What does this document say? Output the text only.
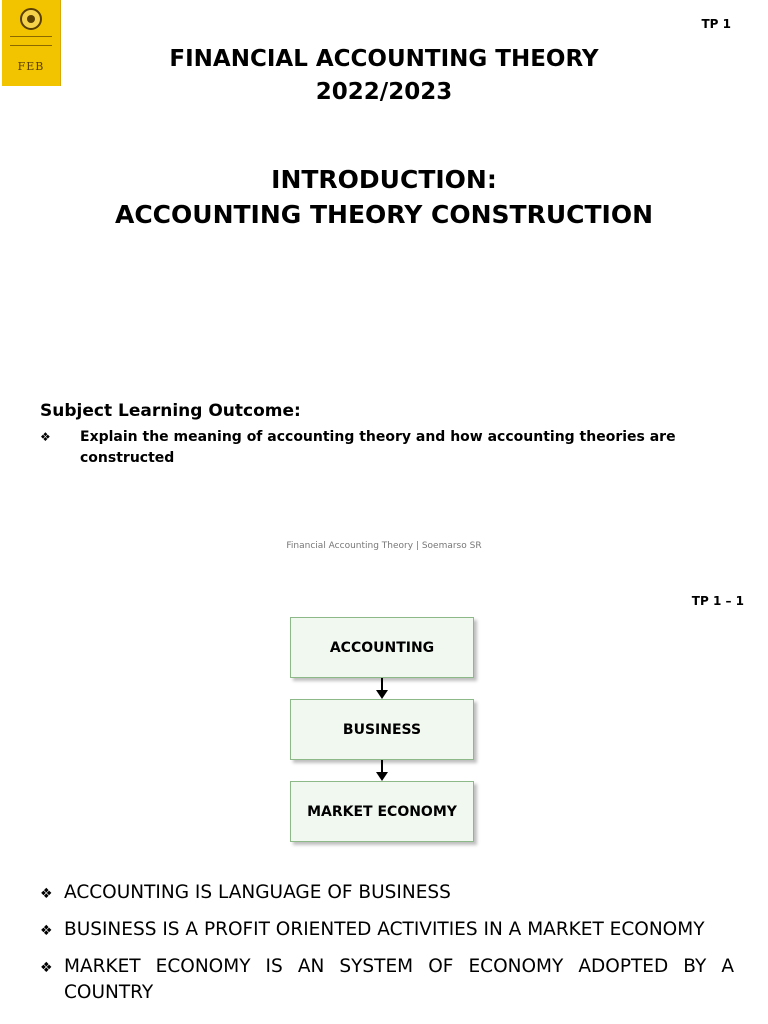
FEB
TP 1
FINANCIAL ACCOUNTING THEORY
2022/2023
INTRODUCTION:
ACCOUNTING THEORY CONSTRUCTION
Subject Learning Outcome:
❖ Explain the meaning of accounting theory and how accounting theories are constructed
Financial Accounting Theory | Soemarso SR
TP 1 – 1
ACCOUNTING
BUSINESS
MARKET ECONOMY
❖ ACCOUNTING IS LANGUAGE OF BUSINESS
❖ BUSINESS IS A PROFIT ORIENTED ACTIVITIES IN A MARKET ECONOMY
❖ MARKET ECONOMY IS AN SYSTEM OF ECONOMY ADOPTED BY A COUNTRY
